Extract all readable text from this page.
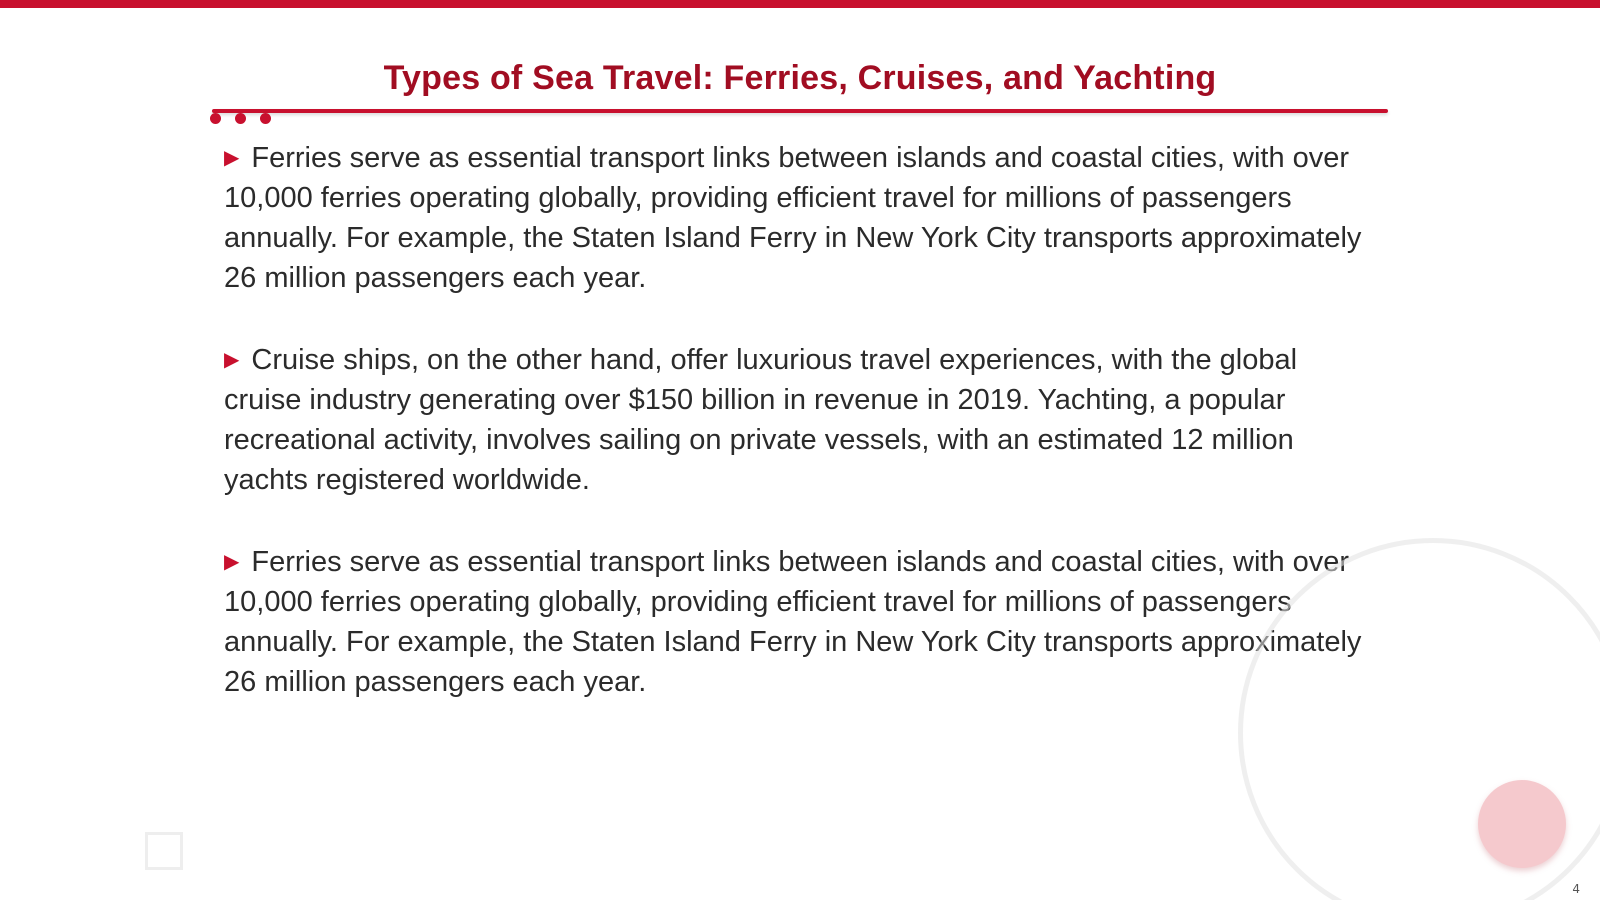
Types of Sea Travel: Ferries, Cruises, and Yachting
▶ Ferries serve as essential transport links between islands and coastal cities, with over 10,000 ferries operating globally, providing efficient travel for millions of passengers annually. For example, the Staten Island Ferry in New York City transports approximately 26 million passengers each year.
▶ Cruise ships, on the other hand, offer luxurious travel experiences, with the global cruise industry generating over $150 billion in revenue in 2019. Yachting, a popular recreational activity, involves sailing on private vessels, with an estimated 12 million yachts registered worldwide.
▶ Ferries serve as essential transport links between islands and coastal cities, with over 10,000 ferries operating globally, providing efficient travel for millions of passengers annually. For example, the Staten Island Ferry in New York City transports approximately 26 million passengers each year.
4
